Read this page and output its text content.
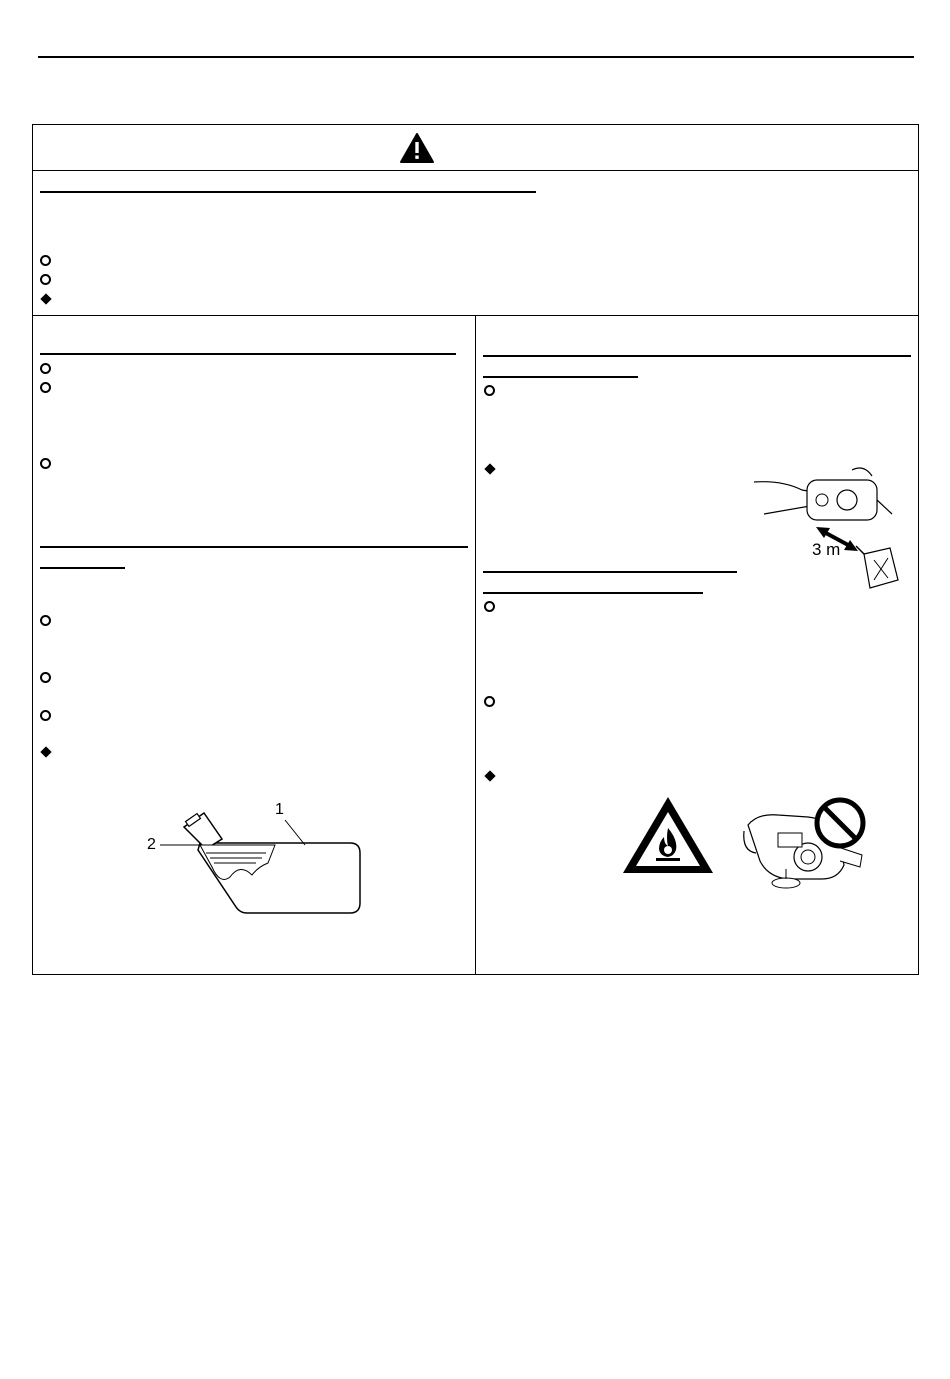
1
2
3 m
